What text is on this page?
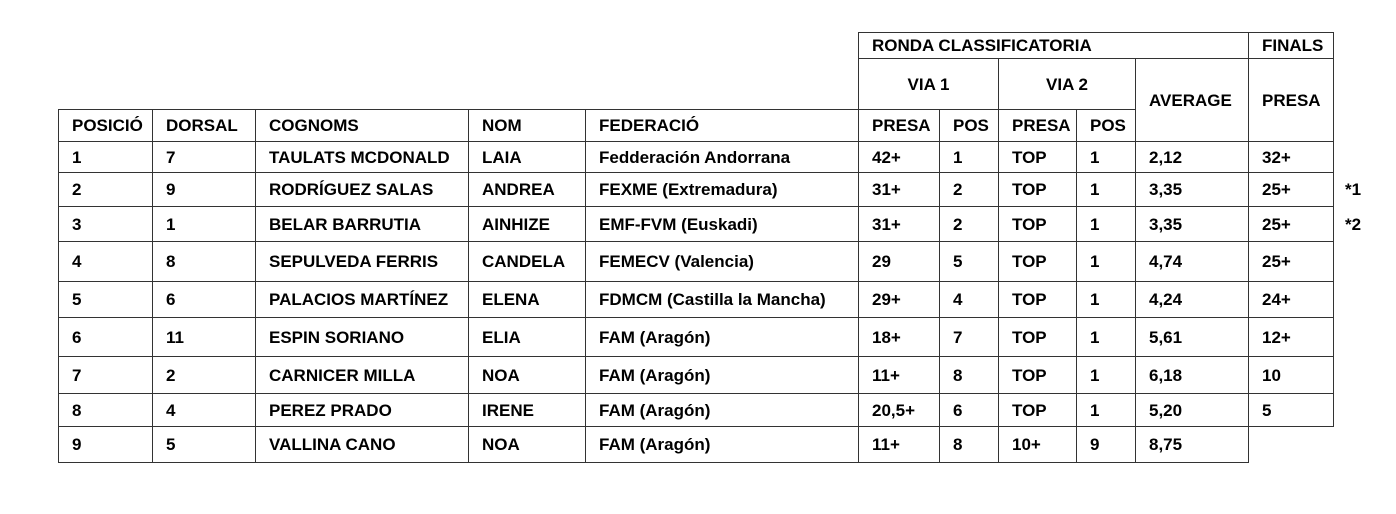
					RONDA CLASSIFICATORIA					FINALS
					VIA 1		VIA 2		AVERAGE	PRESA
POSICIÓ	DORSAL	COGNOMS	NOM	FEDERACIÓ	PRESA	POS	PRESA	POS		
1	7	TAULATS MCDONALD	LAIA	Fedderación Andorrana	42+	1	TOP	1	2,12	32+
2	9	RODRÍGUEZ SALAS	ANDREA	FEXME (Extremadura)	31+	2	TOP	1	3,35	25+
3	1	BELAR BARRUTIA	AINHIZE	EMF-FVM (Euskadi)	31+	2	TOP	1	3,35	25+
4	8	SEPULVEDA FERRIS	CANDELA	FEMECV (Valencia)	29	5	TOP	1	4,74	25+
5	6	PALACIOS MARTÍNEZ	ELENA	FDMCM (Castilla la Mancha)	29+	4	TOP	1	4,24	24+
6	11	ESPIN SORIANO	ELIA	FAM (Aragón)	18+	7	TOP	1	5,61	12+
7	2	CARNICER MILLA	NOA	FAM (Aragón)	11+	8	TOP	1	6,18	10
8	4	PEREZ PRADO	IRENE	FAM (Aragón)	20,5+	6	TOP	1	5,20	5
9	5	VALLINA CANO	NOA	FAM (Aragón)	11+	8	10+	9	8,75	
*1
*2
